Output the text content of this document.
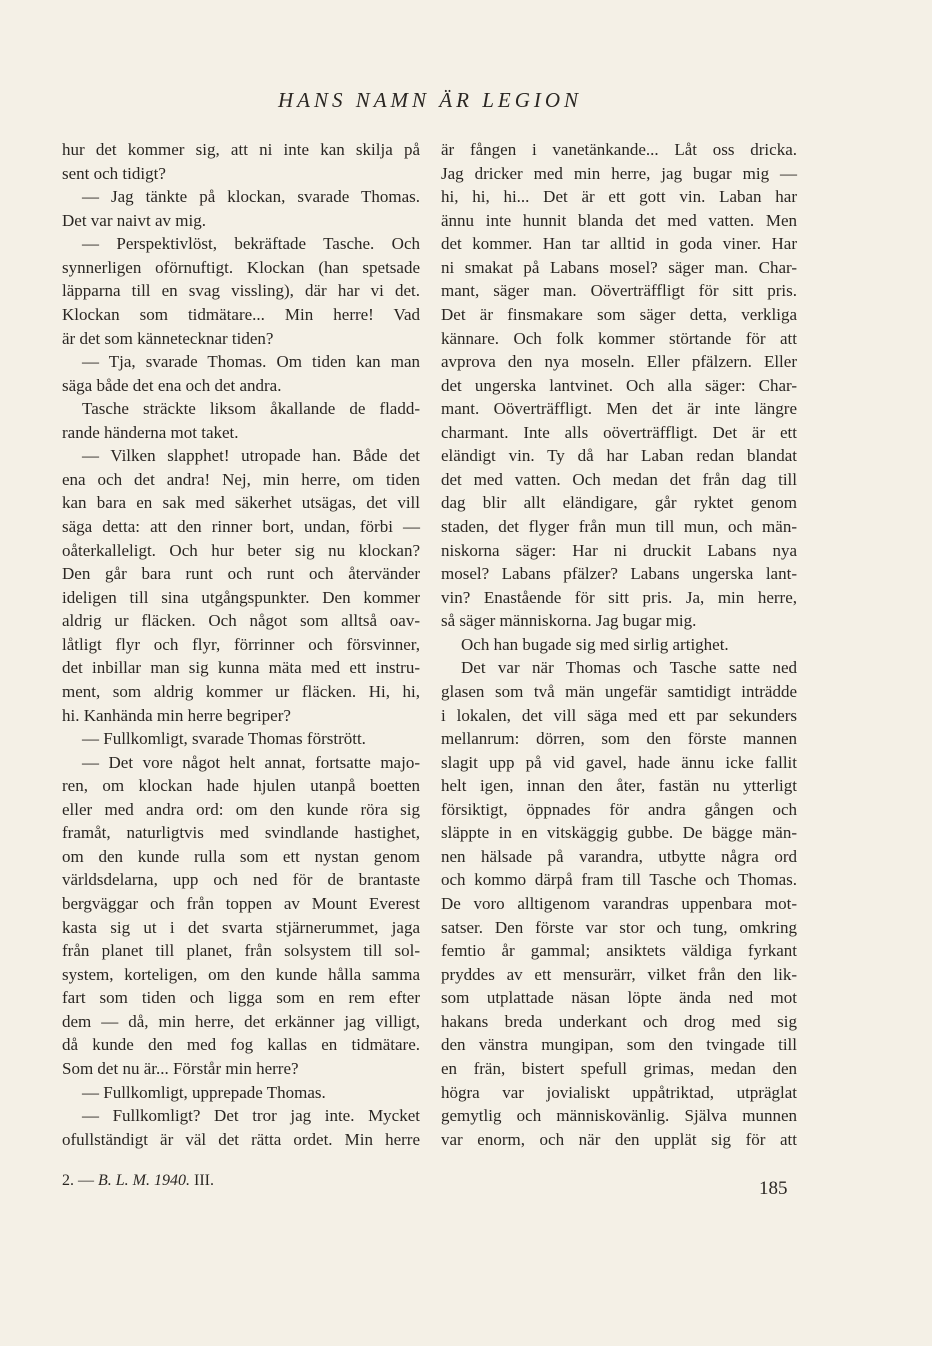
HANS NAMN ÄR LEGION
hur det kommer sig, att ni inte kan skilja på
sent och tidigt?
— Jag tänkte på klockan, svarade Thomas.
Det var naivt av mig.
— Perspektivlöst, bekräftade Tasche. Och
synnerligen oförnuftigt. Klockan (han spetsade
läpparna till en svag vissling), där har vi det.
Klockan som tidmätare... Min herre! Vad
är det som kännetecknar tiden?
— Tja, svarade Thomas. Om tiden kan man
säga både det ena och det andra.
Tasche sträckte liksom åkallande de fladd-
rande händerna mot taket.
— Vilken slapphet! utropade han. Både det
ena och det andra! Nej, min herre, om tiden
kan bara en sak med säkerhet utsägas, det vill
säga detta: att den rinner bort, undan, förbi —
oåterkalleligt. Och hur beter sig nu klockan?
Den går bara runt och runt och återvänder
ideligen till sina utgångspunkter. Den kommer
aldrig ur fläcken. Och något som alltså oav-
låtligt flyr och flyr, förrinner och försvinner,
det inbillar man sig kunna mäta med ett instru-
ment, som aldrig kommer ur fläcken. Hi, hi,
hi. Kanhända min herre begriper?
— Fullkomligt, svarade Thomas förstrött.
— Det vore något helt annat, fortsatte majo-
ren, om klockan hade hjulen utanpå boetten
eller med andra ord: om den kunde röra sig
framåt, naturligtvis med svindlande hastighet,
om den kunde rulla som ett nystan genom
världsdelarna, upp och ned för de brantaste
bergväggar och från toppen av Mount Everest
kasta sig ut i det svarta stjärnerummet, jaga
från planet till planet, från solsystem till sol-
system, korteligen, om den kunde hålla samma
fart som tiden och ligga som en rem efter
dem — då, min herre, det erkänner jag villigt,
då kunde den med fog kallas en tidmätare.
Som det nu är... Förstår min herre?
— Fullkomligt, upprepade Thomas.
— Fullkomligt? Det tror jag inte. Mycket
ofullständigt är väl det rätta ordet. Min herre
är fången i vanetänkande... Låt oss dricka.
Jag dricker med min herre, jag bugar mig —
hi, hi, hi... Det är ett gott vin. Laban har
ännu inte hunnit blanda det med vatten. Men
det kommer. Han tar alltid in goda viner. Har
ni smakat på Labans mosel? säger man. Char-
mant, säger man. Oöverträffligt för sitt pris.
Det är finsmakare som säger detta, verkliga
kännare. Och folk kommer störtande för att
avprova den nya moseln. Eller pfälzern. Eller
det ungerska lantvinet. Och alla säger: Char-
mant. Oöverträffligt. Men det är inte längre
charmant. Inte alls oöverträffligt. Det är ett
eländigt vin. Ty då har Laban redan blandat
det med vatten. Och medan det från dag till
dag blir allt eländigare, går ryktet genom
staden, det flyger från mun till mun, och män-
niskorna säger: Har ni druckit Labans nya
mosel? Labans pfälzer? Labans ungerska lant-
vin? Enastående för sitt pris. Ja, min herre,
så säger människorna. Jag bugar mig.
Och han bugade sig med sirlig artighet.
Det var när Thomas och Tasche satte ned
glasen som två män ungefär samtidigt inträdde
i lokalen, det vill säga med ett par sekunders
mellanrum: dörren, som den förste mannen
slagit upp på vid gavel, hade ännu icke fallit
helt igen, innan den åter, fastän nu ytterligt
försiktigt, öppnades för andra gången och
släppte in en vitskäggig gubbe. De bägge män-
nen hälsade på varandra, utbytte några ord
och kommo därpå fram till Tasche och Thomas.
De voro alltigenom varandras uppenbara mot-
satser. Den förste var stor och tung, omkring
femtio år gammal; ansiktets väldiga fyrkant
pryddes av ett mensurärr, vilket från den lik-
som utplattade näsan löpte ända ned mot
hakans breda underkant och drog med sig
den vänstra mungipan, som den tvingade till
en frän, bistert spefull grimas, medan den
högra var jovialiskt uppåtriktad, utpräglat
gemytlig och människovänlig. Själva munnen
var enorm, och när den upplät sig för att
2. — B. L. M. 1940. III.	185
